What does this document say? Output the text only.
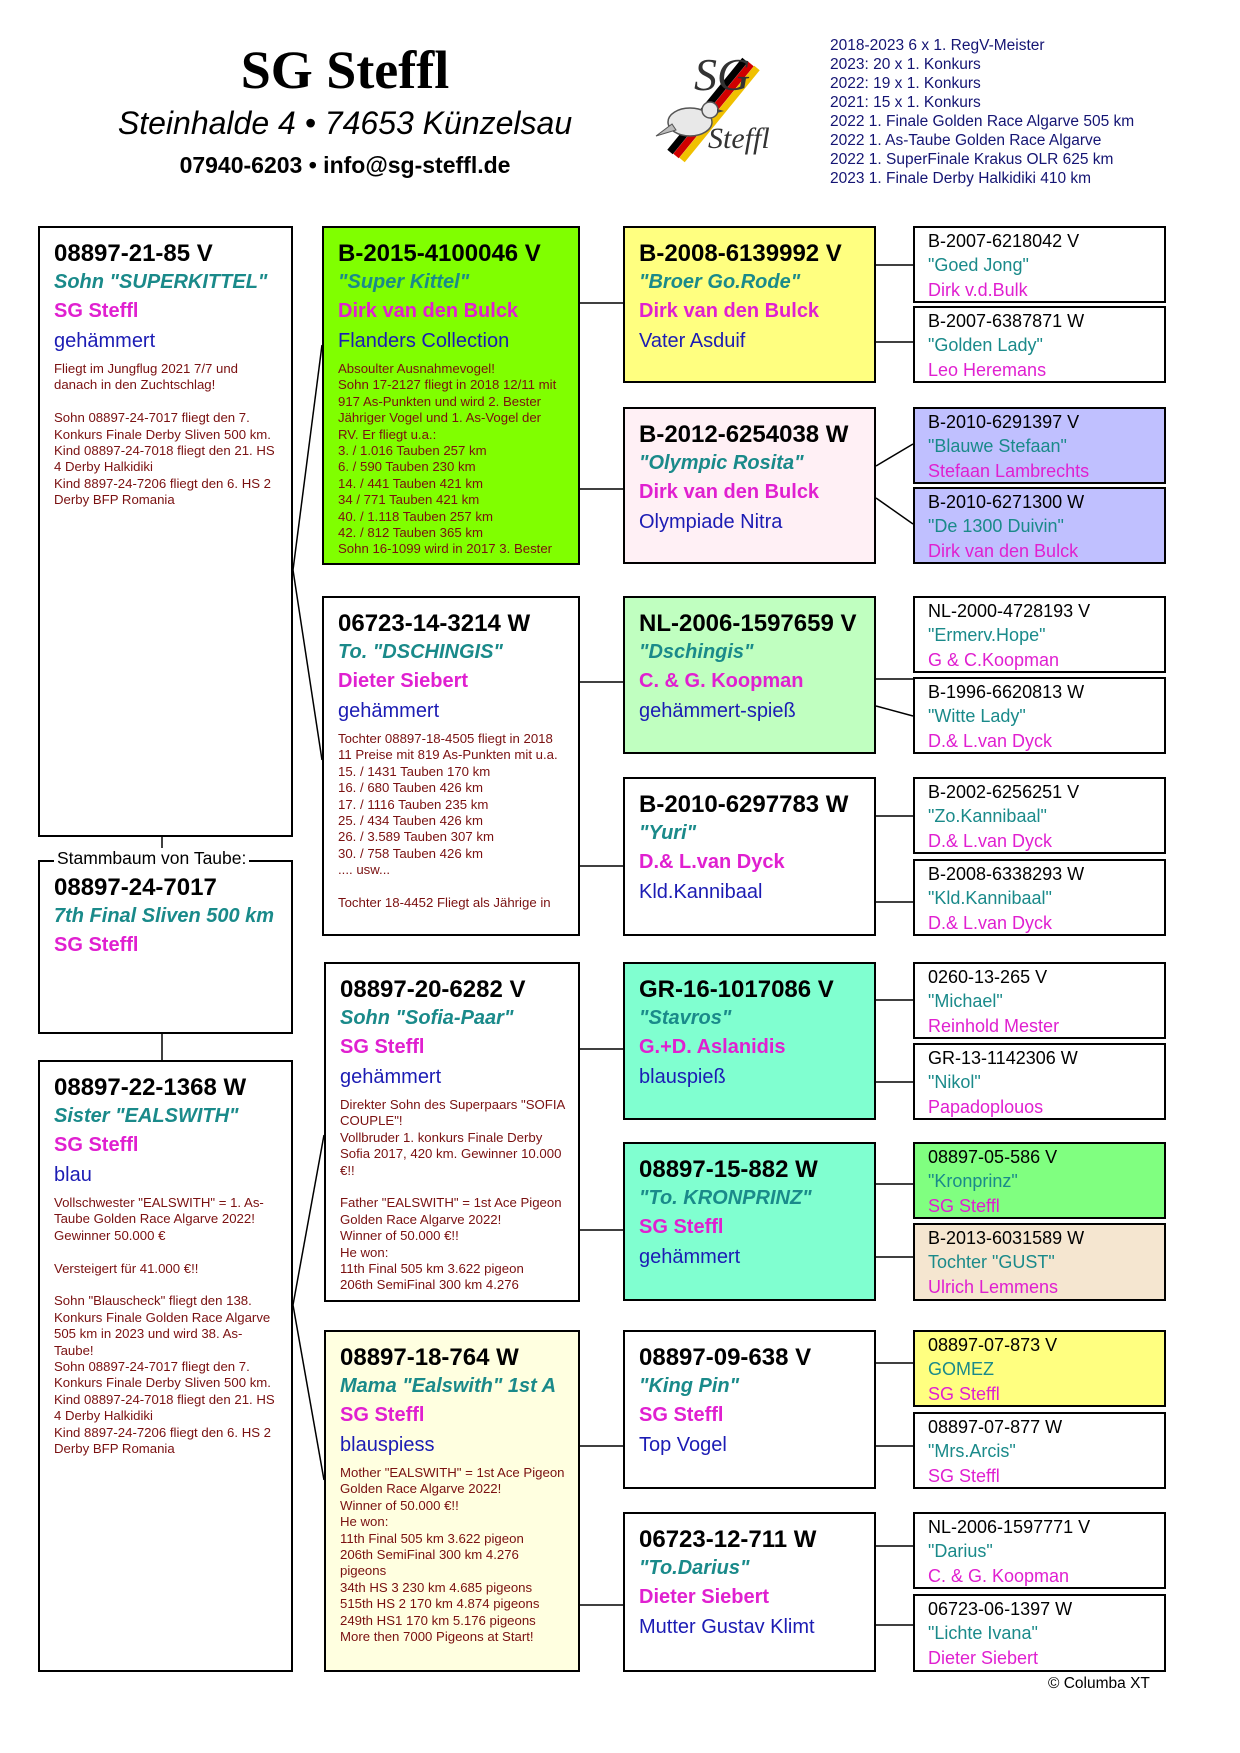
SG Steffl
Steinhalde 4 • 74653 Künzelsau
07940-6203 • info@sg-steffl.de
SG
Steffl
2018-2023 6 x 1. RegV-Meister
2023: 20 x 1. Konkurs
2022: 19 x 1. Konkurs
2021: 15 x 1. Konkurs
2022 1. Finale Golden Race Algarve 505 km
2022 1. As-Taube Golden Race Algarve
2022 1. SuperFinale Krakus OLR 625 km
2023 1. Finale Derby Halkidiki 410 km
08897-21-85 V
Sohn "SUPERKITTEL"
SG Steffl
gehämmert
Fliegt im Jungflug 2021 7/7 und danach in den Zuchtschlag!

Sohn 08897-24-7017 fliegt den 7. Konkurs Finale Derby Sliven 500 km.
Kind 08897-24-7018 fliegt den 21. HS 4 Derby Halkidiki
Kind 8897-24-7206 fliegt den 6. HS 2 Derby BFP Romania
08897-24-7017
7th Final Sliven 500 km
SG Steffl
Stammbaum von Taube:
08897-22-1368 W
Sister "EALSWITH"
SG Steffl
blau
Vollschwester "EALSWITH" = 1. As-Taube Golden Race Algarve 2022!
Gewinner 50.000 €

Versteigert für 41.000 €!!

Sohn "Blauscheck" fliegt den 138. Konkurs Finale Golden Race Algarve 505 km in 2023 und wird 38. As-Taube!
Sohn 08897-24-7017 fliegt den 7. Konkurs Finale Derby Sliven 500 km.
Kind 08897-24-7018 fliegt den 21. HS 4 Derby Halkidiki
Kind 8897-24-7206 fliegt den 6. HS 2 Derby BFP Romania
B-2015-4100046 V
"Super Kittel"
Dirk van den Bulck
Flanders Collection
Absoulter Ausnahmevogel!
Sohn 17-2127 fliegt in 2018 12/11 mit 917 As-Punkten und wird 2. Bester Jähriger Vogel und 1. As-Vogel der RV. Er fliegt u.a.:
3. / 1.016 Tauben 257 km
6. / 590 Tauben 230 km
14. / 441 Tauben 421 km
34 / 771 Tauben 421 km
40. / 1.118 Tauben 257 km
42. / 812 Tauben 365 km
Sohn 16-1099 wird in 2017 3. Bester
06723-14-3214 W
To. "DSCHINGIS"
Dieter Siebert
gehämmert
Tochter 08897-18-4505 fliegt in 2018 11 Preise mit 819 As-Punkten mit u.a.
15. / 1431 Tauben 170 km
16. / 680 Tauben 426 km
17. / 1116 Tauben 235 km
25. / 434 Tauben 426 km
26. / 3.589 Tauben 307 km
30. / 758 Tauben 426 km
.... usw...

Tochter 18-4452 Fliegt als Jährige in
08897-20-6282 V
Sohn "Sofia-Paar"
SG Steffl
gehämmert
Direkter Sohn des Superpaars "SOFIA COUPLE"!
Vollbruder 1. konkurs Finale Derby Sofia 2017, 420 km. Gewinner 10.000 €!!

Father "EALSWITH" = 1st Ace Pigeon Golden Race Algarve 2022!
Winner of 50.000 €!!
He won:
11th Final 505 km 3.622 pigeon
206th SemiFinal 300 km 4.276
08897-18-764 W
Mama "Ealswith" 1st A
SG Steffl
blauspiess
Mother "EALSWITH" = 1st Ace Pigeon Golden Race Algarve 2022!
Winner of 50.000 €!!
He won:
11th Final 505 km 3.622 pigeon
206th SemiFinal 300 km 4.276 pigeons
34th HS 3 230 km 4.685 pigeons
515th HS 2 170 km 4.874 pigeons
249th HS1 170 km 5.176 pigeons
More then 7000 Pigeons at Start!
B-2008-6139992 V
"Broer Go.Rode"
Dirk van den Bulck
Vater Asduif
B-2012-6254038 W
"Olympic Rosita"
Dirk van den Bulck
Olympiade Nitra
NL-2006-1597659 V
"Dschingis"
C. & G. Koopman
gehämmert-spieß
B-2010-6297783 W
"Yuri"
D.& L.van Dyck
Kld.Kannibaal
GR-16-1017086 V
"Stavros"
G.+D. Aslanidis
blauspieß
08897-15-882 W
"To. KRONPRINZ"
SG Steffl
gehämmert
08897-09-638 V
"King Pin"
SG Steffl
Top Vogel
06723-12-711 W
"To.Darius"
Dieter Siebert
Mutter Gustav Klimt
B-2007-6218042 V
"Goed Jong"
Dirk v.d.Bulk
B-2007-6387871 W
"Golden Lady"
Leo Heremans
B-2010-6291397 V
"Blauwe Stefaan"
Stefaan Lambrechts
B-2010-6271300 W
"De 1300 Duivin"
Dirk van den Bulck
NL-2000-4728193 V
"Ermerv.Hope"
G & C.Koopman
B-1996-6620813 W
"Witte Lady"
D.& L.van Dyck
B-2002-6256251 V
"Zo.Kannibaal"
D.& L.van Dyck
B-2008-6338293 W
"Kld.Kannibaal"
D.& L.van Dyck
0260-13-265 V
"Michael"
Reinhold Mester
GR-13-1142306 W
"Nikol"
Papadoplouos
08897-05-586 V
"Kronprinz"
SG Steffl
B-2013-6031589 W
Tochter "GUST"
Ulrich Lemmens
08897-07-873 V
GOMEZ
SG Steffl
08897-07-877 W
"Mrs.Arcis"
SG Steffl
NL-2006-1597771 V
"Darius"
C. & G. Koopman
06723-06-1397 W
"Lichte Ivana"
Dieter Siebert
© Columba XT
